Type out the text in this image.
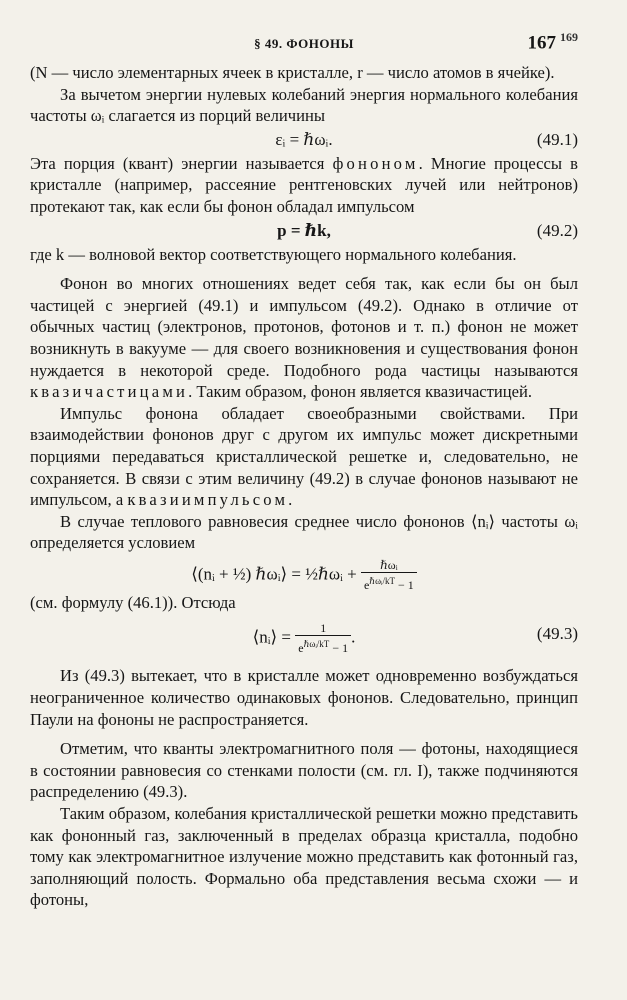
§ 49. ФОНОНЫ	167 $^{169}$

(N — число элементарных ячеек в кристалле, r — число атомов в ячейке).

За вычетом энергии нулевых колебаний энергия нормального колебания частоты ωᵢ слагается из порций величины

εᵢ = ℏωᵢ.	(49.1)

Эта порция (квант) энергии называется фононом. Многие процессы в кристалле (например, рассеяние рентгеновских лучей или нейтронов) протекают так, как если бы фонон обладал импульсом

p = ℏk,	(49.2)

где k — волновой вектор соответствующего нормального колебания.

Фонон во многих отношениях ведет себя так, как если бы он был частицей с энергией (49.1) и импульсом (49.2). Однако в отличие от обычных частиц (электронов, протонов, фотонов и т. п.) фонон не может возникнуть в вакууме — для своего возникновения и существования фонон нуждается в некоторой среде. Подобного рода частицы называются квазичастицами. Таким образом, фонон является квазичастицей.

Импульс фонона обладает своеобразными свойствами. При взаимодействии фононов друг с другом их импульс может дискретными порциями передаваться кристаллической решетке и, следовательно, не сохраняется. В связи с этим величину (49.2) в случае фононов называют не импульсом, а квазиимпульсом.

В случае теплового равновесия среднее число фононов ⟨nᵢ⟩ частоты ωᵢ определяется условием

⟨(nᵢ + ½) ℏωᵢ⟩ = ½ℏωᵢ + $\frac{\text{ℏωᵢ}}{e^{\hbar\omega ᵢ/kT} - 1}$

(см. формулу (46.1)). Отсюда

⟨nᵢ⟩ = $\frac{1}{e^{\hbar\omega ᵢ/kT} - 1}$ .	(49.3)

Из (49.3) вытекает, что в кристалле может одновременно возбуждаться неограниченное количество одинаковых фононов. Следовательно, принцип Паули на фононы не распространяется.

Отметим, что кванты электромагнитного поля — фотоны, находящиеся в состоянии равновесия со стенками полости (см. гл. I), также подчиняются распределению (49.3).

Таким образом, колебания кристаллической решетки можно представить как фононный газ, заключенный в пределах образца кристалла, подобно тому как электромагнитное излучение можно представить как фотонный газ, заполняющий полость. Формально оба представления весьма схожи — и фотоны,
